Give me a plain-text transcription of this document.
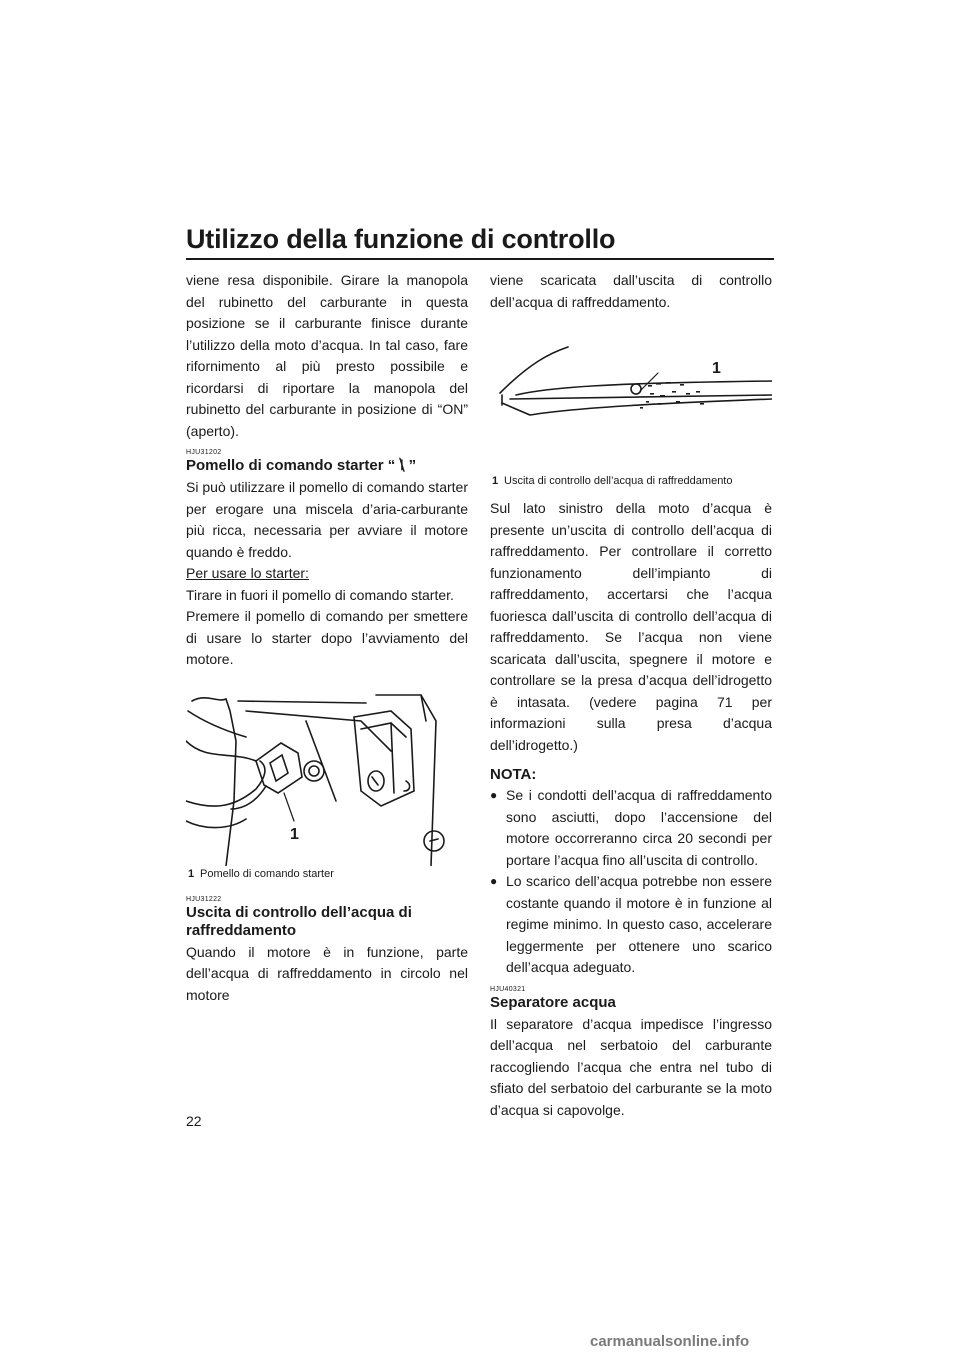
Utilizzo della funzione di controllo

viene resa disponibile. Girare la manopola del rubinetto del carburante in questa posizione se il carburante finisce durante l’utilizzo della moto d’acqua. In tal caso, fare rifornimento al più presto possibile e ricordarsi di riportare la manopola del rubinetto del carburante in posizione di “ON” (aperto).

HJU31202
Pomello di comando starter “ ⧹⃒ ”

Si può utilizzare il pomello di comando starter per erogare una miscela d’aria-carburante più ricca, necessaria per avviare il motore quando è freddo.

Per usare lo starter:

Tirare in fuori il pomello di comando starter.

Premere il pomello di comando per smettere di usare lo starter dopo l’avviamento del motore.

1
1 Pomello di comando starter
HJU31222
Uscita di controllo dell’acqua di raffreddamento

Quando il motore è in funzione, parte dell’acqua di raffreddamento in circolo nel motore

viene scaricata dall’uscita di controllo dell’acqua di raffreddamento.

1
1 Uscita di controllo dell’acqua di raffreddamento

Sul lato sinistro della moto d’acqua è presente un’uscita di controllo dell’acqua di raffreddamento. Per controllare il corretto funzionamento dell’impianto di raffreddamento, accertarsi che l’acqua fuoriesca dall’uscita di controllo dell’acqua di raffreddamento. Se l’acqua non viene scaricata dall’uscita, spegnere il motore e controllare se la presa d’acqua dell’idrogetto è intasata. (vedere pagina 71 per informazioni sulla presa d’acqua dell’idrogetto.)

NOTA:
● Se i condotti dell’acqua di raffreddamento sono asciutti, dopo l’accensione del motore occorreranno circa 20 secondi per portare l’acqua fino all’uscita di controllo.
● Lo scarico dell’acqua potrebbe non essere costante quando il motore è in funzione al regime minimo. In questo caso, accelerare leggermente per ottenere uno scarico dell’acqua adeguato.
HJU40321
Separatore acqua

Il separatore d’acqua impedisce l’ingresso dell’acqua nel serbatoio del carburante raccogliendo l’acqua che entra nel tubo di sfiato del serbatoio del carburante se la moto d’acqua si capovolge.

22
carmanualsonline.info
